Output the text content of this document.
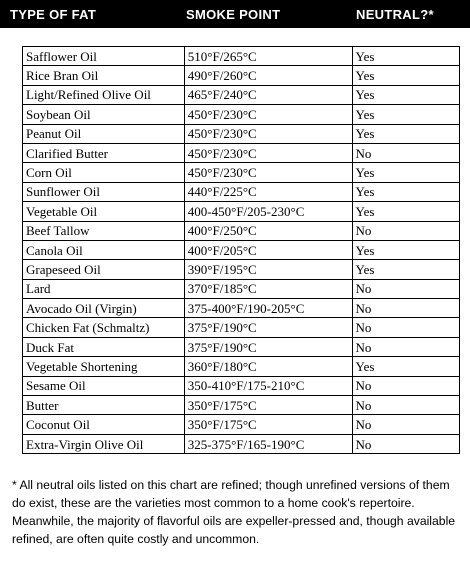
TYPE OF FAT	SMOKE POINT	NEUTRAL?*
Safflower Oil	510°F/265°C	Yes
Rice Bran Oil	490°F/260°C	Yes
Light/Refined Olive Oil	465°F/240°C	Yes
Soybean Oil	450°F/230°C	Yes
Peanut Oil	450°F/230°C	Yes
Clarified Butter	450°F/230°C	No
Corn Oil	450°F/230°C	Yes
Sunflower Oil	440°F/225°C	Yes
Vegetable Oil	400-450°F/205-230°C	Yes
Beef Tallow	400°F/250°C	No
Canola Oil	400°F/205°C	Yes
Grapeseed Oil	390°F/195°C	Yes
Lard	370°F/185°C	No
Avocado Oil (Virgin)	375-400°F/190-205°C	No
Chicken Fat (Schmaltz)	375°F/190°C	No
Duck Fat	375°F/190°C	No
Vegetable Shortening	360°F/180°C	Yes
Sesame Oil	350-410°F/175-210°C	No
Butter	350°F/175°C	No
Coconut Oil	350°F/175°C	No
Extra-Virgin Olive Oil	325-375°F/165-190°C	No

* All neutral oils listed on this chart are refined; though unrefined versions of them do exist, these are the varieties most common to a home cook's repertoire. Meanwhile, the majority of flavorful oils are expeller-pressed and, though available refined, are often quite costly and uncommon.
